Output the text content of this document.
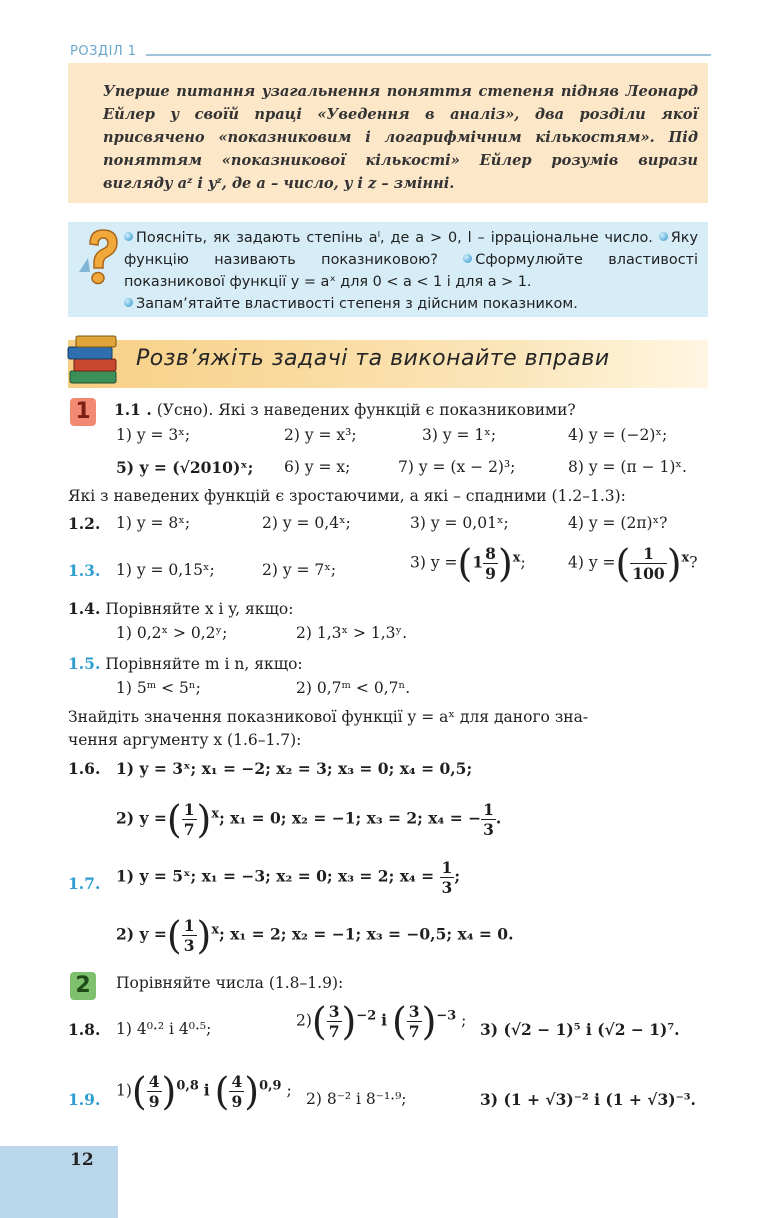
РОЗДІЛ 1
Уперше питання узагальнення поняття степеня підняв Леонард Ейлер у своїй праці «Уведення в аналіз», два розділи якої присвячено «показниковим і логарифмічним кількостям». Під поняттям «показникової кількості» Ейлер розумів вирази вигляду aᶻ і yᶻ, де a – число, y і z – змінні.
Поясніть, як задають степінь aˡ, де a > 0, l – ірраціональне число. Яку функцію називають показниковою?	Сформулюйте властивості показникової функції y = aˣ для 0 < a < 1 і для a > 1.
Запам’ятайте властивості степеня з дійсним показником.
Розв’яжіть задачі та виконайте вправи
1	1.1 . (Усно). Які з наведених функцій є показниковими?
1) y = 3ˣ;	2) y = x³;	3) y = 1ˣ;	4) y = (−2)ˣ;
5) y = (√2010)ˣ; 6) y = x;	7) y = (x − 2)³;	8) y = (π − 1)ˣ.
Які з наведених функцій є зростаючими, а які – спадними (1.2–1.3):
1.2. 1) y = 8ˣ;	2) y = 0,4ˣ;	3) y = 0,01ˣ;	4) y = (2π)ˣ?
1.3. 1) y = 0,15ˣ;	2) y = 7ˣ;	3) $y =(1 \frac{8}{9} )^x$;	4) y =( $\frac{1}{100} )^x$?
1.4. Порівняйте x і y, якщо:
1) 0,2ˣ > 0,2ʸ;	2) 1,3ˣ > 1,3ʸ.
1.5. Порівняйте m і n, якщо:
1) 5ᵐ < 5ⁿ;	2) 0,7ᵐ < 0,7ⁿ.
Знайдіть значення показникової функції y = aˣ для даного зна-
чення аргументу x (1.6–1.7):
1.6. 1) y = 3ˣ; x₁ = −2; x₂ = 3; x₃ = 0; x₄ = 0,5;
2) y =( $\frac{1}{7} )^x$; x₁ = 0; x₂ = −1; x₃ = 2; x₄ = − $\frac{1}{3}$ .
1.7. 1) y = 5ˣ; x₁ = −3; x₂ = 0; x₃ = 2; $x_4 = \frac{1}{3}$ ;
2) y =( $\frac{1}{3} )^x$; x₁ = 2; x₂ = −1; x₃ = −0,5; x₄ = 0.
2	Порівняйте числа (1.8–1.9):
1.8. 1) 4⁰·² і 4⁰·⁵;	$2)( \frac{3}{7} )^{-2}$ і ( $\frac{3}{7} )^{-3}$ ; 3) (√2 − 1)⁵ і (√2 − 1)⁷.
1.9. $1)( \frac{4}{9} )^{0,8}$ і ( $\frac{4}{9} )^{0,9}$ ; 2) 8⁻² і 8⁻¹·⁹;	3) (1 + √3)⁻² і (1 + √3)⁻³.
12
